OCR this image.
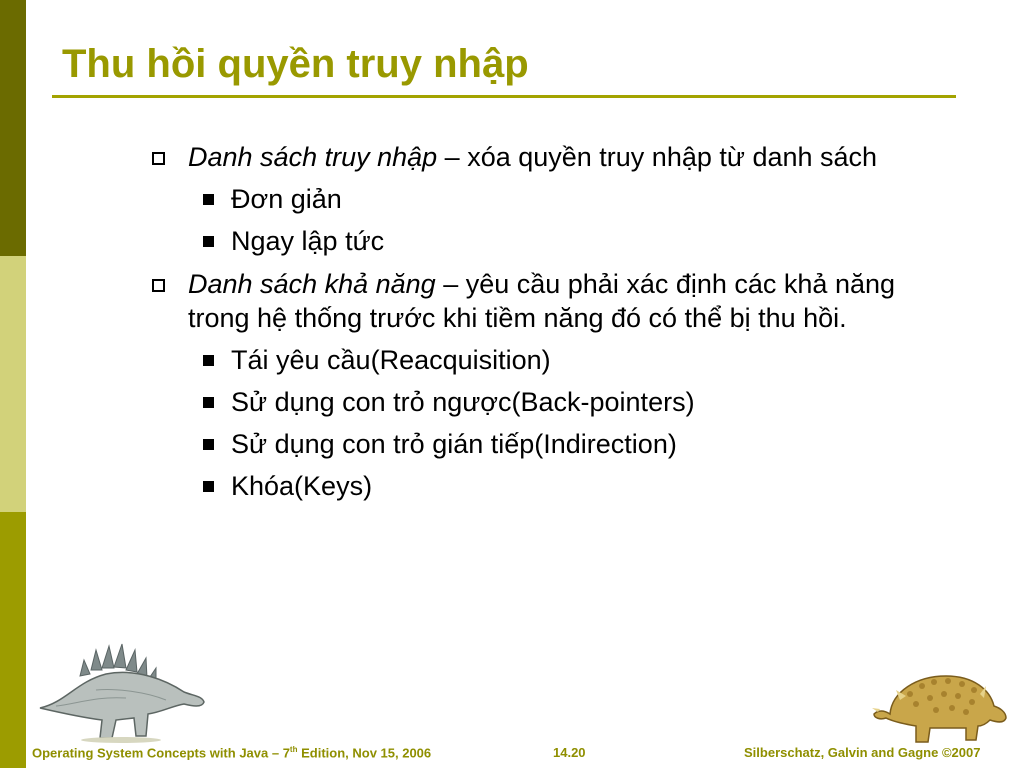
Thu hồi quyền truy nhập

Danh sách truy nhập – xóa quyền truy nhập từ danh sách

Đơn giản

Ngay lập tức

Danh sách khả năng – yêu cầu phải xác định các khả năng trong hệ thống trước khi tiềm năng đó có thể bị thu hồi.

Tái yêu cầu(Reacquisition)

Sử dụng con trỏ ngược(Back-pointers)

Sử dụng con trỏ gián tiếp(Indirection)

Khóa(Keys)

Operating System Concepts with Java – 7th Edition, Nov 15, 2006	14.20	Silberschatz, Galvin and Gagne ©2007
